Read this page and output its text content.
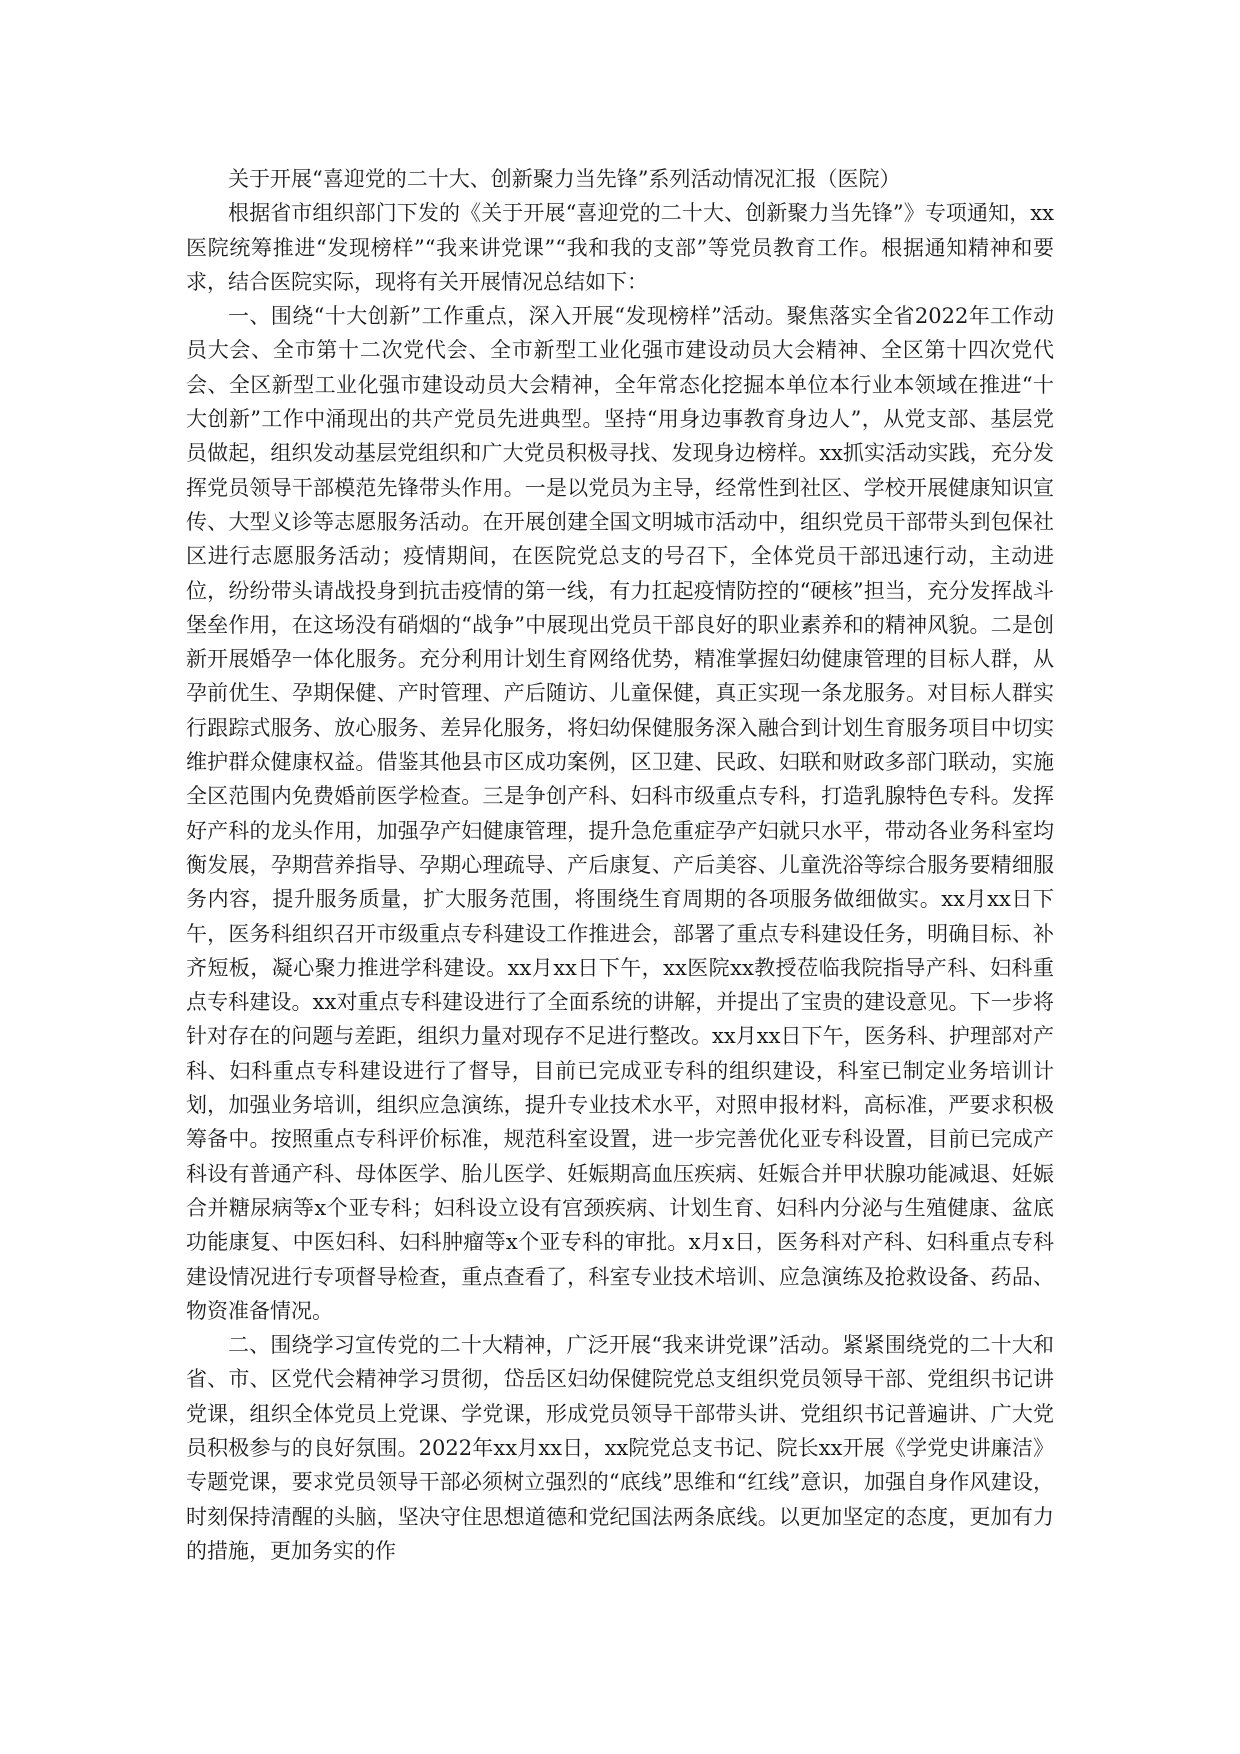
关于开展“喜迎党的二十大、创新聚力当先锋”系列活动情况汇报（医院）

根据省市组织部门下发的《关于开展“喜迎党的二十大、创新聚力当先锋”》专项通知，xx医院统筹推进“发现榜样”“我来讲党课”“我和我的支部”等党员教育工作。根据通知精神和要求，结合医院实际，现将有关开展情况总结如下：

一、围绕“十大创新”工作重点，深入开展“发现榜样”活动。聚焦落实全省2022年工作动员大会、全市第十二次党代会、全市新型工业化强市建设动员大会精神、全区第十四次党代会、全区新型工业化强市建设动员大会精神，全年常态化挖掘本单位本行业本领域在推进“十大创新”工作中涌现出的共产党员先进典型。坚持“用身边事教育身边人”，从党支部、基层党员做起，组织发动基层党组织和广大党员积极寻找、发现身边榜样。xx抓实活动实践，充分发挥党员领导干部模范先锋带头作用。一是以党员为主导，经常性到社区、学校开展健康知识宣传、大型义诊等志愿服务活动。在开展创建全国文明城市活动中，组织党员干部带头到包保社区进行志愿服务活动；疫情期间，在医院党总支的号召下，全体党员干部迅速行动，主动进位，纷纷带头请战投身到抗击疫情的第一线，有力扛起疫情防控的“硬核”担当，充分发挥战斗堡垒作用，在这场没有硝烟的“战争”中展现出党员干部良好的职业素养和的精神风貌。二是创新开展婚孕一体化服务。充分利用计划生育网络优势，精准掌握妇幼健康管理的目标人群，从孕前优生、孕期保健、产时管理、产后随访、儿童保健，真正实现一条龙服务。对目标人群实行跟踪式服务、放心服务、差异化服务，将妇幼保健服务深入融合到计划生育服务项目中切实维护群众健康权益。借鉴其他县市区成功案例，区卫建、民政、妇联和财政多部门联动，实施全区范围内免费婚前医学检查。三是争创产科、妇科市级重点专科，打造乳腺特色专科。发挥好产科的龙头作用，加强孕产妇健康管理，提升急危重症孕产妇就只水平，带动各业务科室均衡发展，孕期营养指导、孕期心理疏导、产后康复、产后美容、儿童洗浴等综合服务要精细服务内容，提升服务质量，扩大服务范围，将围绕生育周期的各项服务做细做实。xx月xx日下午，医务科组织召开市级重点专科建设工作推进会，部署了重点专科建设任务，明确目标、补齐短板，凝心聚力推进学科建设。xx月xx日下午，xx医院xx教授莅临我院指导产科、妇科重点专科建设。xx对重点专科建设进行了全面系统的讲解，并提出了宝贵的建设意见。下一步将针对存在的问题与差距，组织力量对现存不足进行整改。xx月xx日下午，医务科、护理部对产科、妇科重点专科建设进行了督导，目前已完成亚专科的组织建设，科室已制定业务培训计划，加强业务培训，组织应急演练，提升专业技术水平，对照申报材料，高标准，严要求积极筹备中。按照重点专科评价标准，规范科室设置，进一步完善优化亚专科设置，目前已完成产科设有普通产科、母体医学、胎儿医学、妊娠期高血压疾病、妊娠合并甲状腺功能减退、妊娠合并糖尿病等x个亚专科；妇科设立设有宫颈疾病、计划生育、妇科内分泌与生殖健康、盆底功能康复、中医妇科、妇科肿瘤等x个亚专科的审批。x月x日，医务科对产科、妇科重点专科建设情况进行专项督导检查，重点查看了，科室专业技术培训、应急演练及抢救设备、药品、物资准备情况。

二、围绕学习宣传党的二十大精神，广泛开展“我来讲党课”活动。紧紧围绕党的二十大和省、市、区党代会精神学习贯彻，岱岳区妇幼保健院党总支组织党员领导干部、党组织书记讲党课，组织全体党员上党课、学党课，形成党员领导干部带头讲、党组织书记普遍讲、广大党员积极参与的良好氛围。2022年xx月xx日，xx院党总支书记、院长xx开展《学党史讲廉洁》专题党课，要求党员领导干部必须树立强烈的“底线”思维和“红线”意识，加强自身作风建设，时刻保持清醒的头脑，坚决守住思想道德和党纪国法两条底线。以更加坚定的态度，更加有力的措施，更加务实的作
